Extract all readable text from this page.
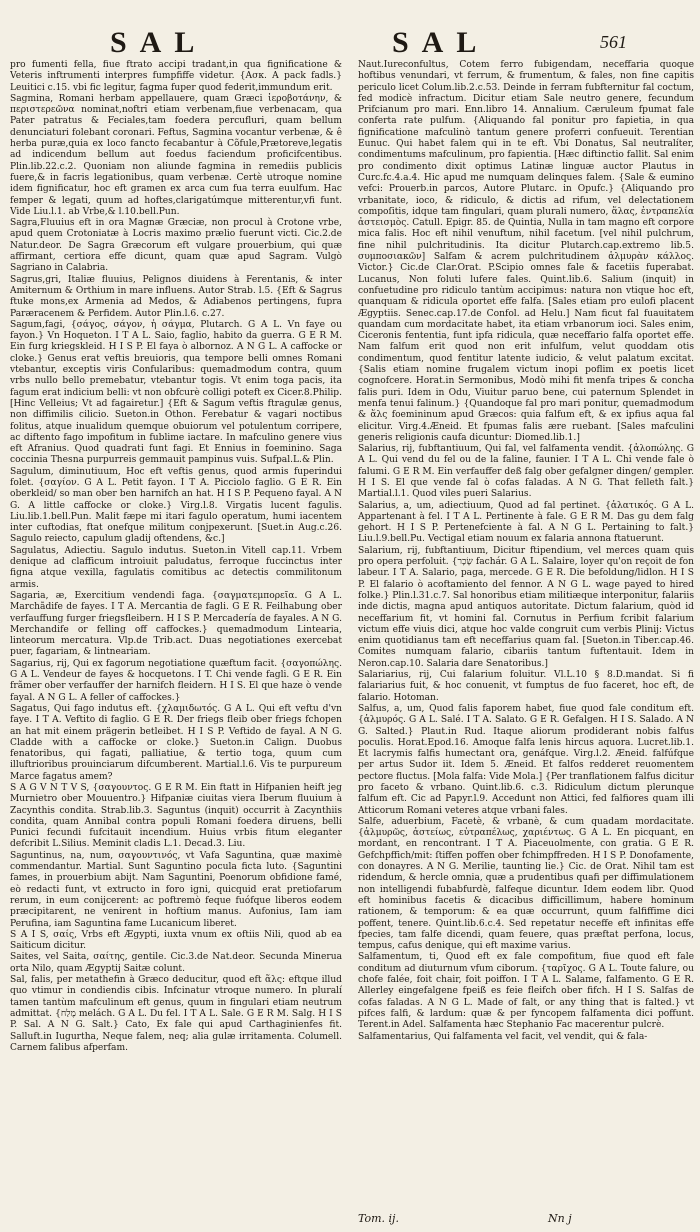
SAL	SAL	561

pro fumenti fella, fiue ftrato accipi tradant,in qua fignificatione & Veteris inftrumenti interpres fumpfiffe videtur. {Ασκ. A pack fadls.} Leuitici c.15. vbi fic legitur, fagma fuper quod federit,immundum erit.

Sagmina, Romani herbam appellauere, quam Græci ἱεροβοτάνην, & περιστερεῶνα nominat,noftri etiam verbenam,fiue verbenacam, qua Pater patratus & Feciales,tam foedera percufluri, quam bellum denunciaturi folebant coronari. Feftus, Sagmina vocantur verbenæ, & ê herba puræ,quia ex loco fancto fecabantur à Cõfule,Prætoreve,legatis ad indicendum bellum aut foedus faciendum proficifcentibus. Plin.lib.22.c.2. Quoniam non aliunde fagmina in remediis publicis fuere,& in facris legationibus, quam verbenæ. Certè utroque nomine idem fignificatur, hoc eft gramen ex arca cum fua terra euulfum. Hac femper & legati, quum ad hoftes,clarigatúmque mitterentur,vfi funt. Vide Liu.l.1. ab Vrbe,& l.10.bell.Pun.

Sagra,Fluuius eft in ora Magnæ Græciæ, non procul à Crotone vrbe, apud quem Crotoniatæ à Locris maximo prælio fuerunt victi. Cic.2.de Natur.deor. De Sagra Græcorum eft vulgare prouerbium, qui quæ affirmant, certiora effe dicunt, quam quæ apud Sagram. Vulgò Sagriano in Calabria.

Sagrus,gri, Italiæ fluuius, Pelignos diuidens à Ferentanis, & inter Amiternum & Orthium in mare influens. Autor Strab. l.5. {Eft & Sagrus ftuke mons,ex Armenia ad Medos, & Adiabenos pertingens, fupra Paræracenem & Perfidem. Autor Plin.l.6. c.27.

Sagum,fagi, {σάγος, σάγον, ἡ σάγμα, Plutarch. G A L. Vn faye ou fayon.} Vn Hoqueton. I T A L. Saio, faglio, habito da guerra. G E R M. Ein furg kriegskleid. H I S P. El faya ò albornoz. A N G L. A caffocke or cloke.} Genus erat veftis breuioris, qua tempore belli omnes Romani vtebantur, exceptis viris Confularibus: quemadmodum contra, quum vrbs nullo bello premebatur, vtebantur togis. Vt enim toga pacis, ita fagum erat indicium belli: vt non obfcurè colligi poteft ex Cicer.8.Philip. [Hinc Velleius; Vt ad fagairetur.] {Eft & Sagum veftis ftragulæ genus, non diffimilis cilicio. Sueton.in Othon. Ferebatur & vagari noctibus folitus, atque inualidum quemque obuiorum vel potulentum corripere, ac diftento fago impofitum in fublime iactare. In mafculino genere vius eft Afranius. Quod quadrati funt fagi. Et Ennius in foeminino. Saga coccinia Thesna purpurreis gemmauit pampinus vuis. Sufpal.L.& Plin.

Sagulum, diminutiuum, Hoc eft veftis genus, quod armis fuperindui folet. {σαγίον. G A L. Petit fayon. I T A. Picciolo faglio. G E R. Ein oberkleid/ so man ober ben harnifch an hat. H I S P. Pequeno fayal. A N G. A little caffocke or cloke.} Virg.l.8. Virgatis lucent fagulis. Liu.lib.1.bell.Pun. Malit fæpe mi itari fagulo operatum, humi iacentem inter cuftodias, ftat onefque militum conjpexerunt. [Suet.in Aug.c.26. Sagulo reiecto, capulum gladij oftendens, &c.]

Sagulatus, Adiectiu. Sagulo indutus. Sueton.in Vitell cap.11. Vrbem denique ad clafficum introiuit paludatus, ferroque fuccinctus inter figna atque vexilla, fagulatis comitibus ac detectis commilitonum armis.

Sagaria, æ, Exercitium vendendi faga. {σαγματεμπορεῖα. G A L. Marchãdife de fayes. I T A. Mercantia de fagli. G E R. Feilhabung ober verfauffung furger friegsfleibern. H I S P. Mercadería de fayales. A N G. Merchandife or felling off caffockes.} quemadmodum Lintearia, linteorum mercatura. Vlp.de Trib.act. Duas negotiationes exercebat puer, fagariam, & lintneariam.

Sagarius, rij, Qui ex fagorum negotiatione quæftum facit. {σαγοπώλης. G A L. Vendeur de fayes & hocquetons. I T. Chi vende fagli. G E R. Ein frãmer ober verfauffer der harnifch fleidern. H I S. El que haze ò vende fayal. A N G L. A feller of caffockes.}

Sagatus, Qui fago indutus eft. {χλαμιδωτός. G A L. Qui eft veftu d'vn faye. I T A. Veftito di faglio. G E R. Der friegs fleib ober friegs fchopen an hat mit einem prägerin betleibet. H I S P. Veftido de fayal. A N G. Cladde with a caffocke or cloke.} Sueton.in Calign. Duobus fenatoribus, qui fagati, palliatiue, & tertio toga, quum cum illuftrioribus prouinciarum difcumberent. Martial.l.6. Vis te purpureum Marce fagatus amem?

S A G V N T V S, {σαγουντος. G E R M. Ein ftatt in Hifpanien heift jeg Murnietro ober Mouuentro.} Hifpaniæ ciuitas viera Iberum fluuium à Zacynthis condita. Strab.lib.3. Saguntus (inquit) occurrit à Zacynthiis condita, quam Annibal contra populi Romani foedera diruens, belli Punici fecundi fufcitauit incendium. Huius vrbis fitum eleganter defcribit L.Silius. Meminit cladis L.1. Decad.3. Liu.

Saguntinus, na, num, σαγουντινός, vt Vafa Saguntina, quæ maximè commendantur. Martial. Sunt Saguntino pocula ficta luto. {Saguntini fames, in prouerbium abijt. Nam Saguntini, Poenorum obfidione famé, eò redacti funt, vt extructo in foro igni, quicquid erat pretiofarum rerum, in eum conijcerent: ac poftremò feque fuófque liberos eodem præcipitarent, ne venirent in hoftium manus. Aufonius, Iam iam Perufina, iam Saguntina fame Lucanicum liberet.

S A I S, σαίς, Vrbs eft Ægypti, iuxta vnum ex oftiis Nili, quod ab ea Saiticum dicitur.

Saites, vel Saita, σαίτης, gentile. Cic.3.de Nat.deor. Secunda Minerua orta Nilo, quam Ægyptij Saitæ colunt.

Sal, falis, per metathefin à Græco deducitur, quod eft ἅλς: eftque illud quo vtimur in condiendis cibis. Infcinatur vtroque numero. In pluralí tamen tantùm mafculinum eft genus, quum in fingulari etiam neutrum admittat. {מֶלַח melách. G A L. Du fel. I T A L. Sale. G E R M. Salg. H I S P. Sal. A N G. Salt.} Cato, Ex fale qui apud Carthaginienfes fit. Salluft.in Iugurtha, Neque falem, neq; alia gulæ irritamenta. Columell. Carnem falibus afperfam.

Naut.Iureconfultus, Cotem ferro fubigendam, neceffaria quoque hoftibus venundari, vt ferrum, & frumentum, & fales, non fine capitis periculo licet Colum.lib.2.c.53. Deinde in ferram fubfternitur fal coctum, fed modicè infractum. Dicitur etiam Sale neutro genere, fecundum Prifcianum pro mari. Enn.libro 14. Annalium. Cæruleum fpumat fale conferta rate pulfum. {Aliquando fal ponitur pro fapietia, in qua fignificatione mafculinò tantum genere proferri confueuit. Terentian Eunuc. Qui habet falem qui in te eft. Vbi Donatus, Sal neutralíter, condimentums mafculinum, pro fapientia. [Hæc diftinctio fallit. Sal enim pro condimento dixit optimus Latinæ linguæ auctor Plautus in Curc.fc.4.a.4. Hic apud me numquam delinques falem. {Sale & eumino vefci: Prouerb.in parcos, Autore Plutarc. in Opufc.} {Aliquando pro vrbanitate, ioco, & ridiculo, & dictis ad rifum, vel delectationem compoſitis, idque tam fingulari, quam plurali numero, ἅλας, ἐντραπελία ἀστεισμὸς. Catull. Epigr. 85. de Quintia, Nulla in tam magno eft corpore mica falis. Hoc eft nihil venuftum, nihil facetum. [vel nihil pulchrum, fine nihil pulchritudinis. Ita dicitur Plutarch.cap.extremo lib.5. συμποσιακῶν] Salfam & acrem pulchritudinem ἁλμυρὰν κάλλος. Victor.} Cic.de Clar.Orat. P.Scipio omnes fale & facetiis fuperabat. Lucanus, Non foluti lufere fales. Quint.lib.6. Salium (inquit) in confuetudine pro ridiculo tantùm accipimus: natura non vtique hoc eft, quanquam & ridicula oportet effe falfa. [Sales etiam pro eulofi placent Ægyptiis. Senec.cap.17.de Confol. ad Helu.] Nam ficut fal fuauitatem quandam cum mordacitate habet, ita etiam vrbanorum ioci. Sales enim, Ciceronis fententia, funt ipfa ridicula, quæ neceffario falfa oportet effe. Nam falfum erit quod non erit infulfum, velut quoddam otis condimentum, quod fentitur latente iudicio, & velut palatum excitat. {Salis etiam nomine frugalem victum inopi poflim ex poetis licet cognofcere. Horat.in Sermonibus, Modò mihi fit menfa tripes & concha falis puri. Idem in Odu, Viuitur paruo bene, cui paternum Splendet in menfa tenui falinum.} {Quandoque fal pro mari ponitur, quemadmodum & ἅλς foemininum apud Græcos: quia falfum eft, & ex ipfius aqua fal elicitur. Virg.4.Æneid. Et fpumas falis ære ruebant. [Sales mafculini generis religionis caufa dicuntur: Diomed.lib.1.]

Salarius, rij, fubftantiuum, Qui fal, vel falfamenta vendit. {ἁλοπώλης. G A L. Qui vend du fel ou de la faline, faunier. I T A L. Chi vende fale ò falumi. G E R M. Ein verfauffer deß falg ober gefalgner dingen/ gempler. H I S. El que vende fal ò cofas faladas. A N G. That felleth falt.} Martial.l.1. Quod viles pueri Salarius.

Salarius, a, um, adiectiuum, Quod ad fal pertinet. {ἁλατικός. G A L. Appartenant à fel. I T A L. Pertinente à fale. G E R M. Das gu dem falg gehort. H I S P. Pertenefciente à fal. A N G L. Pertaining to falt.} Liu.l.9.bell.Pu. Vectigal etiam nouum ex falaria annona ftatuerunt.

Salarium, rij, fubftantiuum, Dicitur ftipendium, vel merces quam quis pro opera perfoluit. {שָׂכָר fachár. G A L. Salaire, loyer qu'on reçoit de fon labeur. I T A. Salario, paga, mercede. G E R. Die befoldung/lidlon. H I S P. El falario ò acoftamiento del fennor. A N G L. wage payed to hired folke.} Plin.l.31.c.7. Sal honoribus etiam militiæque interponitur, falariis inde dictis, magna apud antiquos autoritate. Dictum falarium, quòd id neceffarium fit, vt homini fal. Cornutus in Perfium fcribit falarium victum effe viuis dici, atque hoc valde congruit cum verbis Plinij: Victus enim quotidianus tam eft neceffarius quam fal. [Sueton.in Tiber.cap.46. Comites numquam falario, cibariis tantum fuftentauit. Idem in Neron.cap.10. Salaria dare Senatoribus.]

Salariarius, rij, Cui falarium foluitur. Vl.L.10 § 8.D.mandat. Si fi falariarius fuit, & hoc conuenit, vt fumptus de fuo faceret, hoc eft, de falario. Hotoman.

Salfus, a, um, Quod falis faporem habet, fiue quod fale conditum eft. {ἁλμυρός. G A L. Salé. I T A. Salato. G E R. Gefalgen. H I S. Salado. A N G. Salted.} Plaut.in Rud. Itaque aliorum prodiderant nobis falfus poculis. Horat.Epod.16. Amoque falfa lenis hircus aquora. Lucret.lib.1. Et lacrymis falfis humectant ora, genáfque. Virg.l.2. Æneid. falfúfque per artus Sudor iit. Idem 5. Æneid. Et falfos redderet reuomentem pectore fluctus. [Mola falfa: Vide Mola.] {Per tranflationem falfus dicitur pro faceto & vrbano. Quint.lib.6. c.3. Ridiculum dictum plerunque falfum eft. Cic ad Papyr.l.9. Accedunt non Attici, fed falfiores quam illi Atticorum Romani veteres atque vrbani fales.

Salfe, aduerbium, Facetè, & vrbanè, & cum quadam mordacitate. {ἁλμυρῶς, ἀστείως, εὐτραπέλως, χαριέντως. G A L. En picquant, en mordant, en rencontrant. I T A. Piaceuolmente, con gratia. G E R. Gefchpffich/mit: ſtiffen poffen ober fchimpffreden. H I S P. Donofamente, con donayres. A N G. Merilie, taunting lie.} Cic. de Orat. Nihil tam est ridendum, & hercle omnia, quæ a prudentibus quafi per diffimulationem non intelligendi fubabfurdè, falfeque dicuntur. Idem eodem libr. Quod eft hominibus facetis & dicacibus difficillimum, habere hominum rationem, & temporum: & ea quæ occurrunt, quum falfiffime dici poffent, tenere. Quint.lib.6.c.4. Sed repetatur neceffe eft infinitas effe fpecies, tam falfe dicendi, quam feuere, quas præftat perfona, locus, tempus, cafus denique, qui eft maxime varius.

Salfamentum, ti, Quod eft ex fale compofitum, fiue quod eft fale conditum ad diuturnum vfum ciborum. {ταρῖχος. G A L. Toute falure, ou chofe falée, foit chair, foit poiffon. I T A L. Salame, falfamento. G E R. Allerley eingefalgene fpeiß es feie fleifch ober fifch. H I S. Salfas de cofas faladas. A N G L. Made of falt, or any thing that is falted.} vt pifces falfi, & lardum: quæ & per fyncopem falfamenta dici poffunt. Terent.in Adel. Salfamenta hæc Stephanio Fac macerentur pulcrè.

Salfamentarius, Qui falfamenta vel facit, vel vendit, qui & fala-

Tom. ij.	Nn j
